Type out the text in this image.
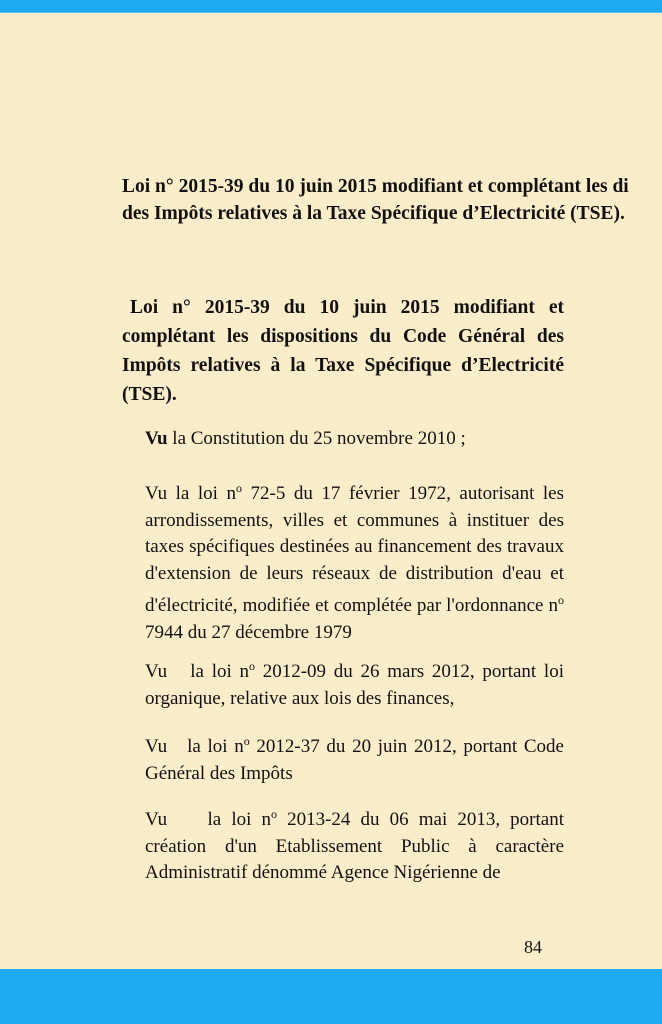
Loi n° 2015-39 du 10 juin 2015 modifiant et complétant les di
des Impôts relatives à la Taxe Spécifique d’Electricité (TSE).
Loi n° 2015-39 du 10 juin 2015 modifiant et complétant les dispositions du Code Général des Impôts relatives à la Taxe Spécifique d’Electricité (TSE).
Vu la Constitution du 25 novembre 2010 ;
Vu la loi $n^o$ 72-5 du 17 février 1972, autorisant les arrondissements, villes et communes à instituer des taxes spécifiques destinées au financement des travaux d'extension de leurs réseaux de distribution d'eau et d'électricité, modifiée et complétée par l'ordonnance $n^o$ 7944 du 27 décembre 1979
Vu   la loi $n^o$ 2012-09 du 26 mars 2012, portant loi organique, relative aux lois des finances,
Vu   la loi $n^o$ 2012-37 du 20 juin 2012, portant Code Général des Impôts
Vu    la loi $n^o$ 2013-24 du 06 mai 2013, portant création d'un Etablissement Public à caractère Administratif dénommé Agence Nigérienne de
84
